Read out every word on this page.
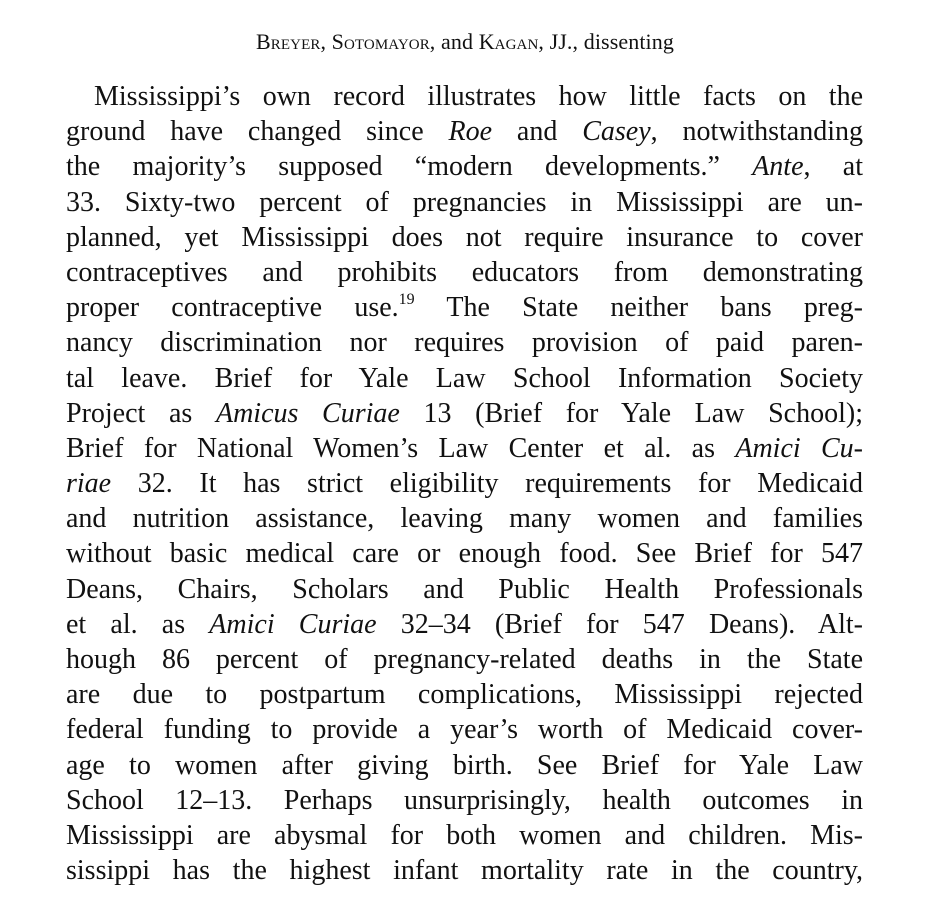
Breyer, Sotomayor, and Kagan, JJ., dissenting
Mississippi’s own record illustrates how little facts on the
ground have changed since Roe and Casey, notwithstanding
the majority’s supposed “modern developments.” Ante, at
33. Sixty-two percent of pregnancies in Mississippi are un-
planned, yet Mississippi does not require insurance to cover
contraceptives and prohibits educators from demonstrating
proper contraceptive use.$^{19}$ The State neither bans preg-
nancy discrimination nor requires provision of paid paren-
tal leave. Brief for Yale Law School Information Society
Project as Amicus Curiae 13 (Brief for Yale Law School);
Brief for National Women’s Law Center et al. as Amici Cu-
riae 32. It has strict eligibility requirements for Medicaid
and nutrition assistance, leaving many women and families
without basic medical care or enough food. See Brief for 547
Deans, Chairs, Scholars and Public Health Professionals
et al. as Amici Curiae 32–34 (Brief for 547 Deans). Alt-
hough 86 percent of pregnancy-related deaths in the State
are due to postpartum complications, Mississippi rejected
federal funding to provide a year’s worth of Medicaid cover-
age to women after giving birth. See Brief for Yale Law
School 12–13. Perhaps unsurprisingly, health outcomes in
Mississippi are abysmal for both women and children. Mis-
sissippi has the highest infant mortality rate in the country,
